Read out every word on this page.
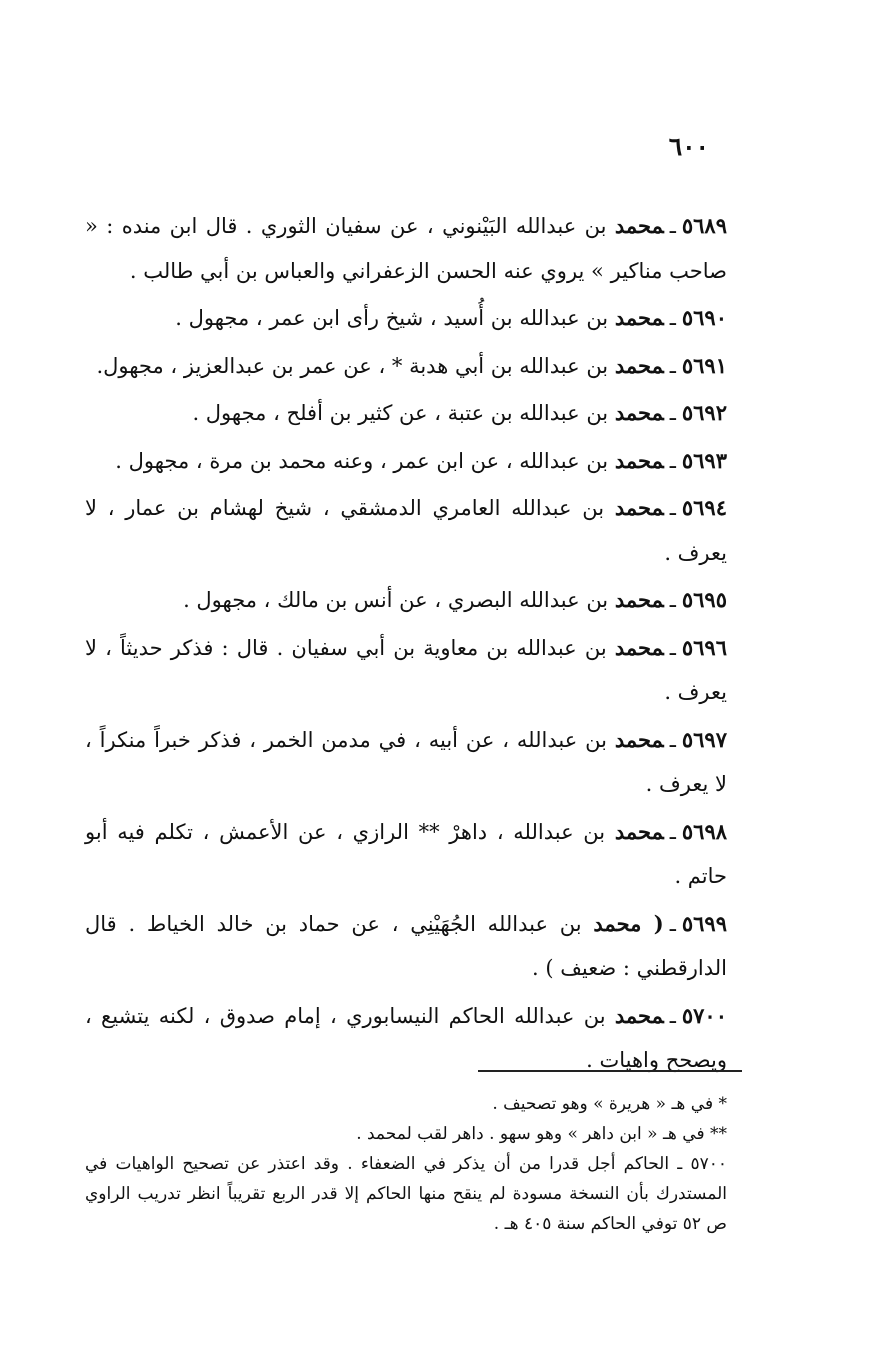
٦٠٠

٥٦٨٩ـمحمد بن عبدالله البَيْنوني ، عن سفيان الثوري . قال ابن منده : « صاحب مناكير » يروي عنه الحسن الزعفراني والعباس بن أبي طالب .

٥٦٩٠ـمحمد بن عبدالله بن أُسيد ، شيخ رأى ابن عمر ، مجهول .

٥٦٩١ـمحمد بن عبدالله بن أبي هدبة * ، عن عمر بن عبدالعزيز ، مجهول.

٥٦٩٢ـمحمد بن عبدالله بن عتبة ، عن كثير بن أفلح ، مجهول .

٥٦٩٣ـمحمد بن عبدالله ، عن ابن عمر ، وعنه محمد بن مرة ، مجهول .

٥٦٩٤ـمحمد بن عبدالله العامري الدمشقي ، شيخ لهشام بن عمار ، لا يعرف .

٥٦٩٥ـمحمد بن عبدالله البصري ، عن أنس بن مالك ، مجهول .

٥٦٩٦ـمحمد بن عبدالله بن معاوية بن أبي سفيان . قال : فذكر حديثاً ، لا يعرف .

٥٦٩٧ـمحمد بن عبدالله ، عن أبيه ، في مدمن الخمر ، فذكر خبراً منكراً ، لا يعرف .

٥٦٩٨ـمحمد بن عبدالله ، داهرْ ** الرازي ، عن الأعمش ، تكلم فيه أبو حاتم .

٥٦٩٩ـ( محمد بن عبدالله الجُهَيْنِي ، عن حماد بن خالد الخياط . قال الدارقطني : ضعيف ) .

٥٧٠٠ـمحمد بن عبدالله الحاكم النيسابوري ، إمام صدوق ، لكنه يتشيع ، ويصحح واهيات .

* في هـ « هريرة » وهو تصحيف .

** في هـ « ابن داهر » وهو سهو . داهر لقب لمحمد .

٥٧٠٠ ـ الحاكم أجل قدرا من أن يذكر في الضعفاء . وقد اعتذر عن تصحيح الواهيات في المستدرك بأن النسخة مسودة لم ينقح منها الحاكم إلا قدر الربع تقريباً انظر تدريب الراوي ص ٥٢ توفي الحاكم سنة ٤٠٥ هـ .
